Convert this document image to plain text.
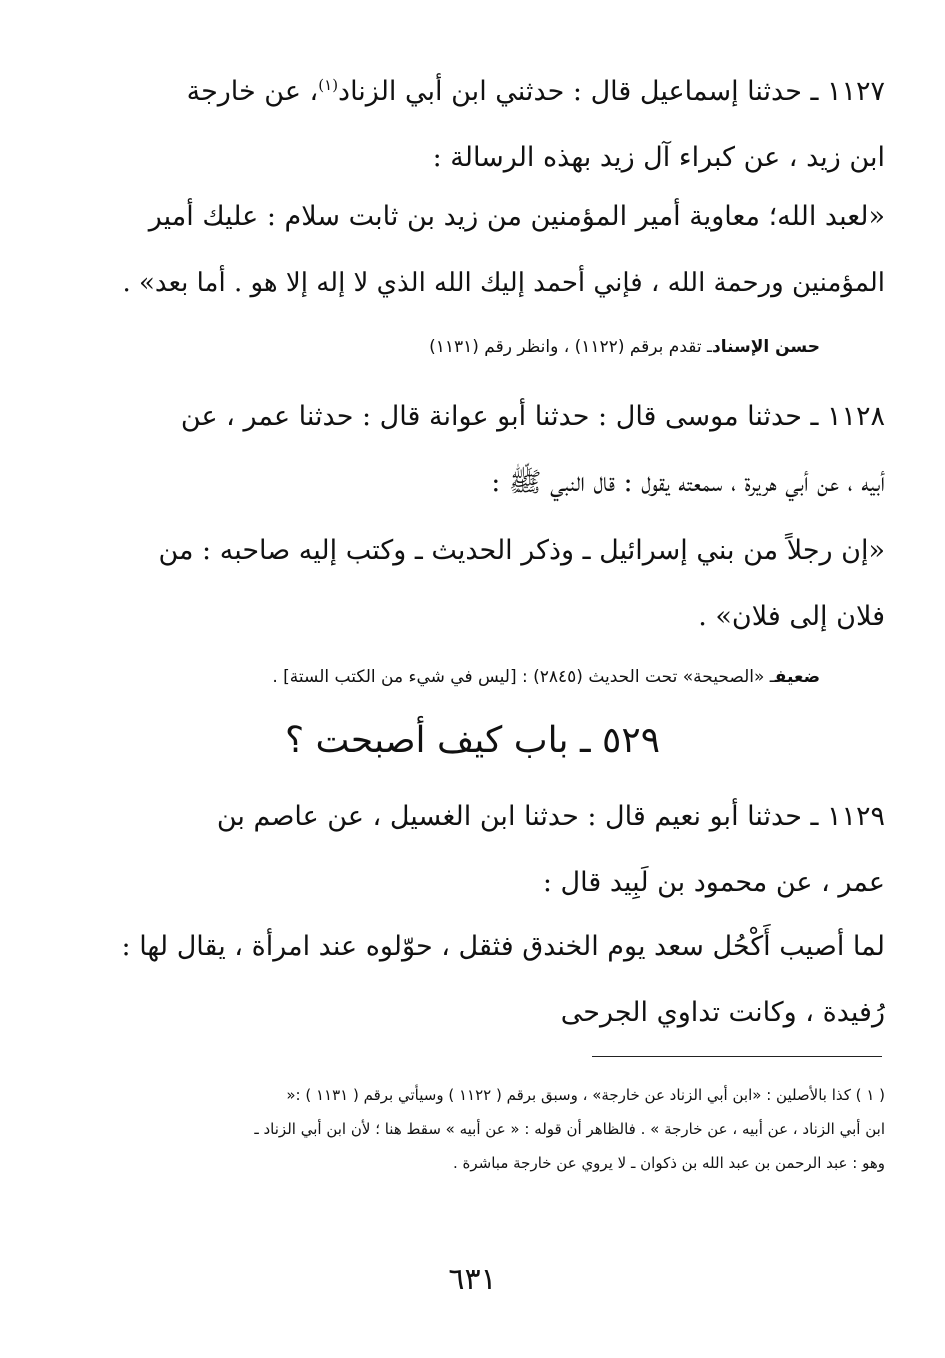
١١٢٧ ـ حدثنا إسماعيل قال : حدثني ابن أبي الزناد$^{(١)}$، عن خارجة
ابن زيد ، عن كبراء آل زيد بهذه الرسالة :
«لعبد الله؛ معاوية أمير المؤمنين من زيد بن ثابت سلام : عليك أمير
المؤمنين ورحمة الله ، فإني أحمد إليك الله الذي لا إله إلا هو . أما بعد» .
حسن الإسنادـ تقدم برقم (١١٢٢) ، وانظر رقم (١١٣١)
١١٢٨ ـ حدثنا موسى قال : حدثنا أبو عوانة قال : حدثنا عمر ، عن
أبيه ، عن أبي هريرة ، سمعته يقول : قال النبي ﷺ :
«إن رجلاً من بني إسرائيل ـ وذكر الحديث ـ وكتب إليه صاحبه : من
فلان إلى فلان» .
ضعيفـ «الصحيحة» تحت الحديث (٢٨٤٥) : [ليس في شيء من الكتب الستة] .
٥٢٩ ـ باب كيف أصبحت ؟
١١٢٩ ـ حدثنا أبو نعيم قال : حدثنا ابن الغسيل ، عن عاصم بن
عمر ، عن محمود بن لَبِيد قال :
لما أصيب أَكْحُل سعد يوم الخندق فثقل ، حوّلوه عند امرأة ، يقال لها :
رُفيدة ، وكانت تداوي الجرحى
( ١ ) كذا بالأصلين : «ابن أبي الزناد عن خارجة» ، وسبق برقم ( ١١٢٢ ) وسيأتي برقم ( ١١٣١ ) :«
ابن أبي الزناد ، عن أبيه ، عن خارجة » . فالظاهر أن قوله : « عن أبيه » سقط هنا ؛ لأن ابن أبي الزناد ـ
وهو : عبد الرحمن بن عبد الله بن ذكوان ـ لا يروي عن خارجة مباشرة .
٦٣١
